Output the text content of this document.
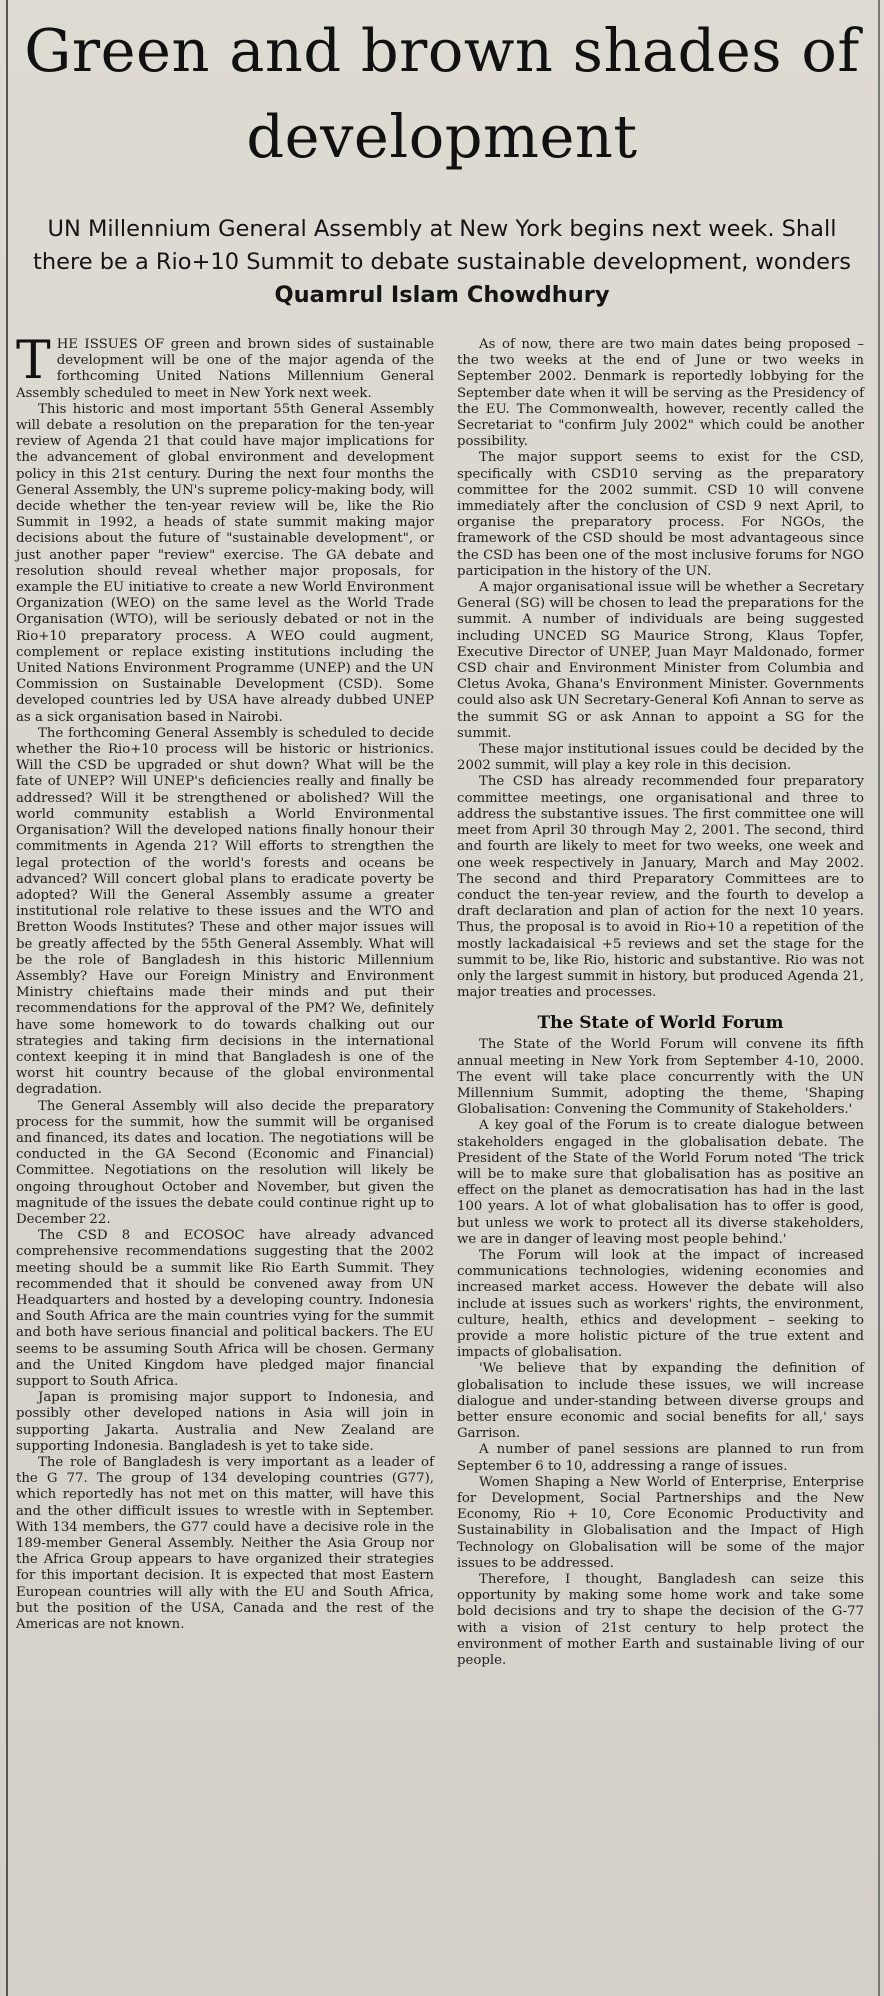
Green and brown shades of development

UN Millennium General Assembly at New York begins next week. Shall there be a Rio+10 Summit to debate sustainable development, wonders Quamrul Islam Chowdhury

THE ISSUES OF green and brown sides of sustainable development will be one of the major agenda of the forthcoming United Nations Millennium General Assembly scheduled to meet in New York next week.

This historic and most important 55th General Assembly will debate a resolution on the preparation for the ten-year review of Agenda 21 that could have major implications for the advancement of global environment and development policy in this 21st century. During the next four months the General Assembly, the UN's supreme policy-making body, will decide whether the ten-year review will be, like the Rio Summit in 1992, a heads of state summit making major decisions about the future of "sustainable development", or just another paper "review" exercise. The GA debate and resolution should reveal whether major proposals, for example the EU initiative to create a new World Environment Organization (WEO) on the same level as the World Trade Organisation (WTO), will be seriously debated or not in the Rio+10 preparatory process. A WEO could augment, complement or replace existing institutions including the United Nations Environment Programme (UNEP) and the UN Commission on Sustainable Development (CSD). Some developed countries led by USA have already dubbed UNEP as a sick organisation based in Nairobi.

The forthcoming General Assembly is scheduled to decide whether the Rio+10 process will be historic or histrionics. Will the CSD be upgraded or shut down? What will be the fate of UNEP? Will UNEP's deficiencies really and finally be addressed? Will it be strengthened or abolished? Will the world community establish a World Environmental Organisation? Will the developed nations finally honour their commitments in Agenda 21? Will efforts to strengthen the legal protection of the world's forests and oceans be advanced? Will concert global plans to eradicate poverty be adopted? Will the General Assembly assume a greater institutional role relative to these issues and the WTO and Bretton Woods Institutes? These and other major issues will be greatly affected by the 55th General Assembly. What will be the role of Bangladesh in this historic Millennium Assembly? Have our Foreign Ministry and Environment Ministry chieftains made their minds and put their recommendations for the approval of the PM? We, definitely have some homework to do towards chalking out our strategies and taking firm decisions in the international context keeping it in mind that Bangladesh is one of the worst hit country because of the global environmental degradation.

The General Assembly will also decide the preparatory process for the summit, how the summit will be organised and financed, its dates and location. The negotiations will be conducted in the GA Second (Economic and Financial) Committee. Negotiations on the resolution will likely be ongoing throughout October and November, but given the magnitude of the issues the debate could continue right up to December 22.

The CSD 8 and ECOSOC have already advanced comprehensive recommendations suggesting that the 2002 meeting should be a summit like Rio Earth Summit. They recommended that it should be convened away from UN Headquarters and hosted by a developing country. Indonesia and South Africa are the main countries vying for the summit and both have serious financial and political backers. The EU seems to be assuming South Africa will be chosen. Germany and the United Kingdom have pledged major financial support to South Africa.

Japan is promising major support to Indonesia, and possibly other developed nations in Asia will join in supporting Jakarta. Australia and New Zealand are supporting Indonesia. Bangladesh is yet to take side.

The role of Bangladesh is very important as a leader of the G 77. The group of 134 developing countries (G77), which reportedly has not met on this matter, will have this and the other difficult issues to wrestle with in September. With 134 members, the G77 could have a decisive role in the 189-member General Assembly. Neither the Asia Group nor the Africa Group appears to have organized their strategies for this important decision. It is expected that most Eastern European countries will ally with the EU and South Africa, but the position of the USA, Canada and the rest of the Americas are not known.

As of now, there are two main dates being proposed – the two weeks at the end of June or two weeks in September 2002. Denmark is reportedly lobbying for the September date when it will be serving as the Presidency of the EU. The Commonwealth, however, recently called the Secretariat to "confirm July 2002" which could be another possibility.

The major support seems to exist for the CSD, specifically with CSD10 serving as the preparatory committee for the 2002 summit. CSD 10 will convene immediately after the conclusion of CSD 9 next April, to organise the preparatory process. For NGOs, the framework of the CSD should be most advantageous since the CSD has been one of the most inclusive forums for NGO participation in the history of the UN.

A major organisational issue will be whether a Secretary General (SG) will be chosen to lead the preparations for the summit. A number of individuals are being suggested including UNCED SG Maurice Strong, Klaus Topfer, Executive Director of UNEP, Juan Mayr Maldonado, former CSD chair and Environment Minister from Columbia and Cletus Avoka, Ghana's Environment Minister. Governments could also ask UN Secretary-General Kofi Annan to serve as the summit SG or ask Annan to appoint a SG for the summit.

These major institutional issues could be decided by the 2002 summit, will play a key role in this decision.

The CSD has already recommended four preparatory committee meetings, one organisational and three to address the substantive issues. The first committee one will meet from April 30 through May 2, 2001. The second, third and fourth are likely to meet for two weeks, one week and one week respectively in January, March and May 2002. The second and third Preparatory Committees are to conduct the ten-year review, and the fourth to develop a draft declaration and plan of action for the next 10 years. Thus, the proposal is to avoid in Rio+10 a repetition of the mostly lackadaisical +5 reviews and set the stage for the summit to be, like Rio, historic and substantive. Rio was not only the largest summit in history, but produced Agenda 21, major treaties and processes.

The State of World Forum

The State of the World Forum will convene its fifth annual meeting in New York from September 4-10, 2000. The event will take place concurrently with the UN Millennium Summit, adopting the theme, 'Shaping Globalisation: Convening the Community of Stakeholders.'

A key goal of the Forum is to create dialogue between stakeholders engaged in the globalisation debate. The President of the State of the World Forum noted 'The trick will be to make sure that globalisation has as positive an effect on the planet as democratisation has had in the last 100 years. A lot of what globalisation has to offer is good, but unless we work to protect all its diverse stakeholders, we are in danger of leaving most people behind.'

The Forum will look at the impact of increased communications technologies, widening economies and increased market access. However the debate will also include at issues such as workers' rights, the environment, culture, health, ethics and development – seeking to provide a more holistic picture of the true extent and impacts of globalisation.

'We believe that by expanding the definition of globalisation to include these issues, we will increase dialogue and under-standing between diverse groups and better ensure economic and social benefits for all,' says Garrison.

A number of panel sessions are planned to run from September 6 to 10, addressing a range of issues.

Women Shaping a New World of Enterprise, Enterprise for Development, Social Partnerships and the New Economy, Rio + 10, Core Economic Productivity and Sustainability in Globalisation and the Impact of High Technology on Globalisation will be some of the major issues to be addressed.

Therefore, I thought, Bangladesh can seize this opportunity by making some home work and take some bold decisions and try to shape the decision of the G-77 with a vision of 21st century to help protect the environment of mother Earth and sustainable living of our people.
